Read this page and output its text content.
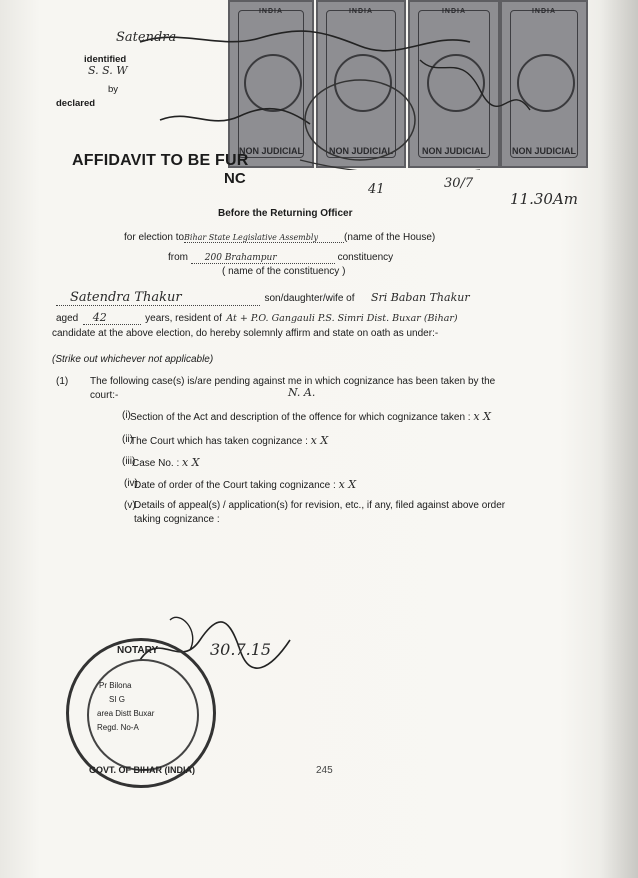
INDIA
NON JUDICIAL
INDIA
NON JUDICIAL
INDIA
NON JUDICIAL
INDIA
NON JUDICIAL
Satendra
S. S. W
identified
by
declared
AFFIDAVIT TO BE FUR
NC
41	30/7
11.30Am
Before the Returning Officer
for election toBihar State Legislative Assembly	(name of the House)
from 200 Brahampur	constituency
( name of the constituency )
Satendra Thakur	son/daughter/wife of Sri Baban Thakur
aged 42	years, resident of At + P.O. Gangauli P.S. Simri Dist. Buxar (Bihar)
candidate at the above election, do hereby solemnly affirm and state on oath as under:-
(Strike out whichever not applicable)
(1) The following case(s) is/are pending against me in which cognizance has been taken by the
court:-	N. A.
(i) Section of the Act and description of the offence for which cognizance taken : x X
(ii)
The Court which has taken cognizance : x X
(iii)
Case No. : x X
(iv)
Date of order of the Court taking cognizance : x X
(v)
Details of appeal(s) / application(s) for revision, etc., if any, filed against above order
taking cognizance :
30.7.15
NOTARY
GOVT. OF BIHAR (INDIA)
Pr Bilona
SI G
area Distt Buxar
Regd. No-A
245
